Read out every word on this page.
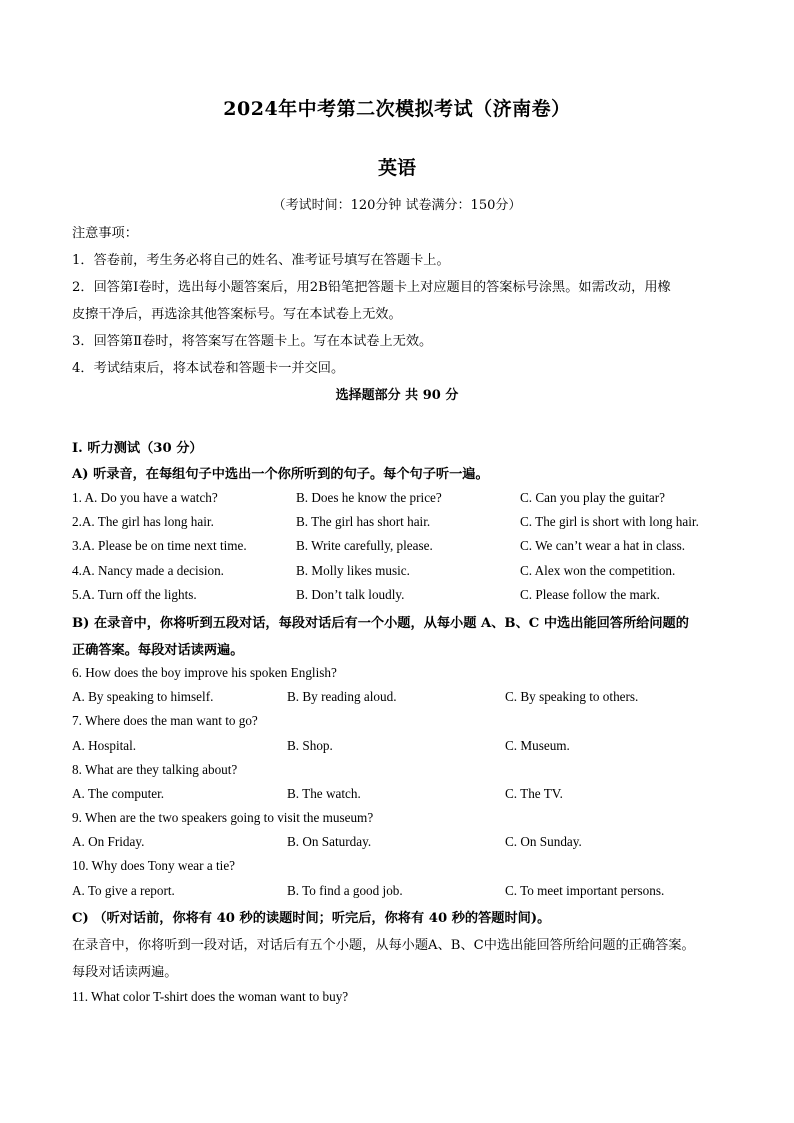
2024年中考第二次模拟考试（济南卷）
英语
（考试时间：120分钟 试卷满分：150分）
注意事项：
1．答卷前，考生务必将自己的姓名、准考证号填写在答题卡上。
2．回答第Ⅰ卷时，选出每小题答案后，用2B铅笔把答题卡上对应题目的答案标号涂黑。如需改动，用橡
皮擦干净后，再选涂其他答案标号。写在本试卷上无效。
3．回答第Ⅱ卷时，将答案写在答题卡上。写在本试卷上无效。
4．考试结束后，将本试卷和答题卡一并交回。
选择题部分 共 90 分
I. 听力测试（30 分）
A) 听录音，在每组句子中选出一个你所听到的句子。每个句子听一遍。
1. A. Do you have a watch?	B. Does he know the price?	C. Can you play the guitar?
2.A. The girl has long hair.	B. The girl has short hair.	C. The girl is short with long hair.
3.A. Please be on time next time.	B. Write carefully, please.	C. We can’t wear a hat in class.
4.A. Nancy made a decision.	B. Molly likes music.	C. Alex won the competition.
5.A. Turn off the lights.	B. Don’t talk loudly.	C. Please follow the mark.
B) 在录音中，你将听到五段对话，每段对话后有一个小题，从每小题 A、B、C 中选出能回答所给问题的
正确答案。每段对话读两遍。
6. How does the boy improve his spoken English?
A. By speaking to himself.	B. By reading aloud.	C. By speaking to others.
7. Where does the man want to go?
A. Hospital.	B. Shop.	C. Museum.
8. What are they talking about?
A. The computer.	B. The watch.	C. The TV.
9. When are the two speakers going to visit the museum?
A. On Friday.	B. On Saturday.	C. On Sunday.
10. Why does Tony wear a tie?
A. To give a report.	B. To find a good job.	C. To meet important persons.
C) （听对话前，你将有 40 秒的读题时间；听完后，你将有 40 秒的答题时间)。
在录音中，你将听到一段对话，对话后有五个小题，从每小题A、B、C中选出能回答所给问题的正确答案。
每段对话读两遍。
11. What color T-shirt does the woman want to buy?
